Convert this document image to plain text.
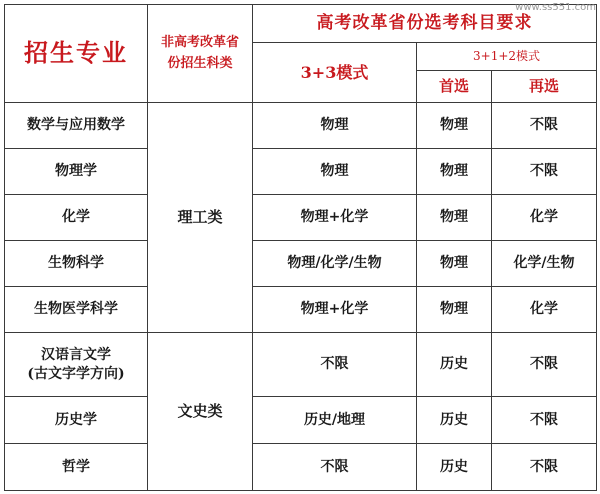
www.ss551.com
招生专业	非高考改革省份招生科类	高考改革省份选考科目要求		
		3+3模式	3+1+2模式	
			首选	再选
数学与应用数学	理工类	物理	物理	不限
物理学		物理	物理	不限
化学		物理+化学	物理	化学
生物科学		物理/化学/生物	物理	化学/生物
生物医学科学		物理+化学	物理	化学

汉语言文学
(古文字学方向)	文史类	不限	历史	不限
历史学		历史/地理	历史	不限
哲学		不限	历史	不限
